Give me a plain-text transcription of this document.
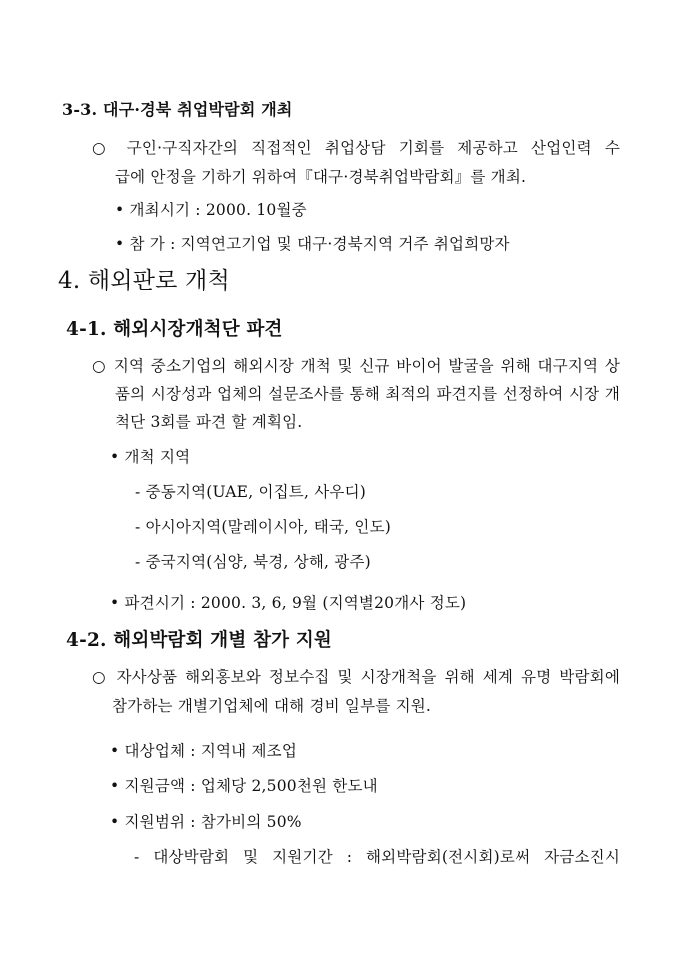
3-3. 대구·경북 취업박람회 개최
○ 구인·구직자간의 직접적인 취업상담 기회를 제공하고 산업인력 수
급에 안정을 기하기 위하여『대구·경북취업박람회』를 개최.
• 개최시기 : 2000. 10월중
• 참 가 : 지역연고기업 및 대구·경북지역 거주 취업희망자
4. 해외판로 개척
4-1. 해외시장개척단 파견
○ 지역 중소기업의 해외시장 개척 및 신규 바이어 발굴을 위해 대구지역 상
품의 시장성과 업체의 설문조사를 통해 최적의 파견지를 선정하여 시장 개
척단 3회를 파견 할 계획임.
• 개척 지역
- 중동지역(UAE, 이집트, 사우디)
- 아시아지역(말레이시아, 태국, 인도)
- 중국지역(심양, 북경, 상해, 광주)
• 파견시기 : 2000. 3, 6, 9월 (지역별20개사 정도)
4-2. 해외박람회 개별 참가 지원
○ 자사상품 해외홍보와 정보수집 및 시장개척을 위해 세계 유명 박람회에
참가하는 개별기업체에 대해 경비 일부를 지원.
• 대상업체 : 지역내 제조업
• 지원금액 : 업체당 2,500천원 한도내
• 지원범위 : 참가비의 50%
- 대상박람회 및 지원기간 : 해외박람회(전시회)로써 자금소진시
